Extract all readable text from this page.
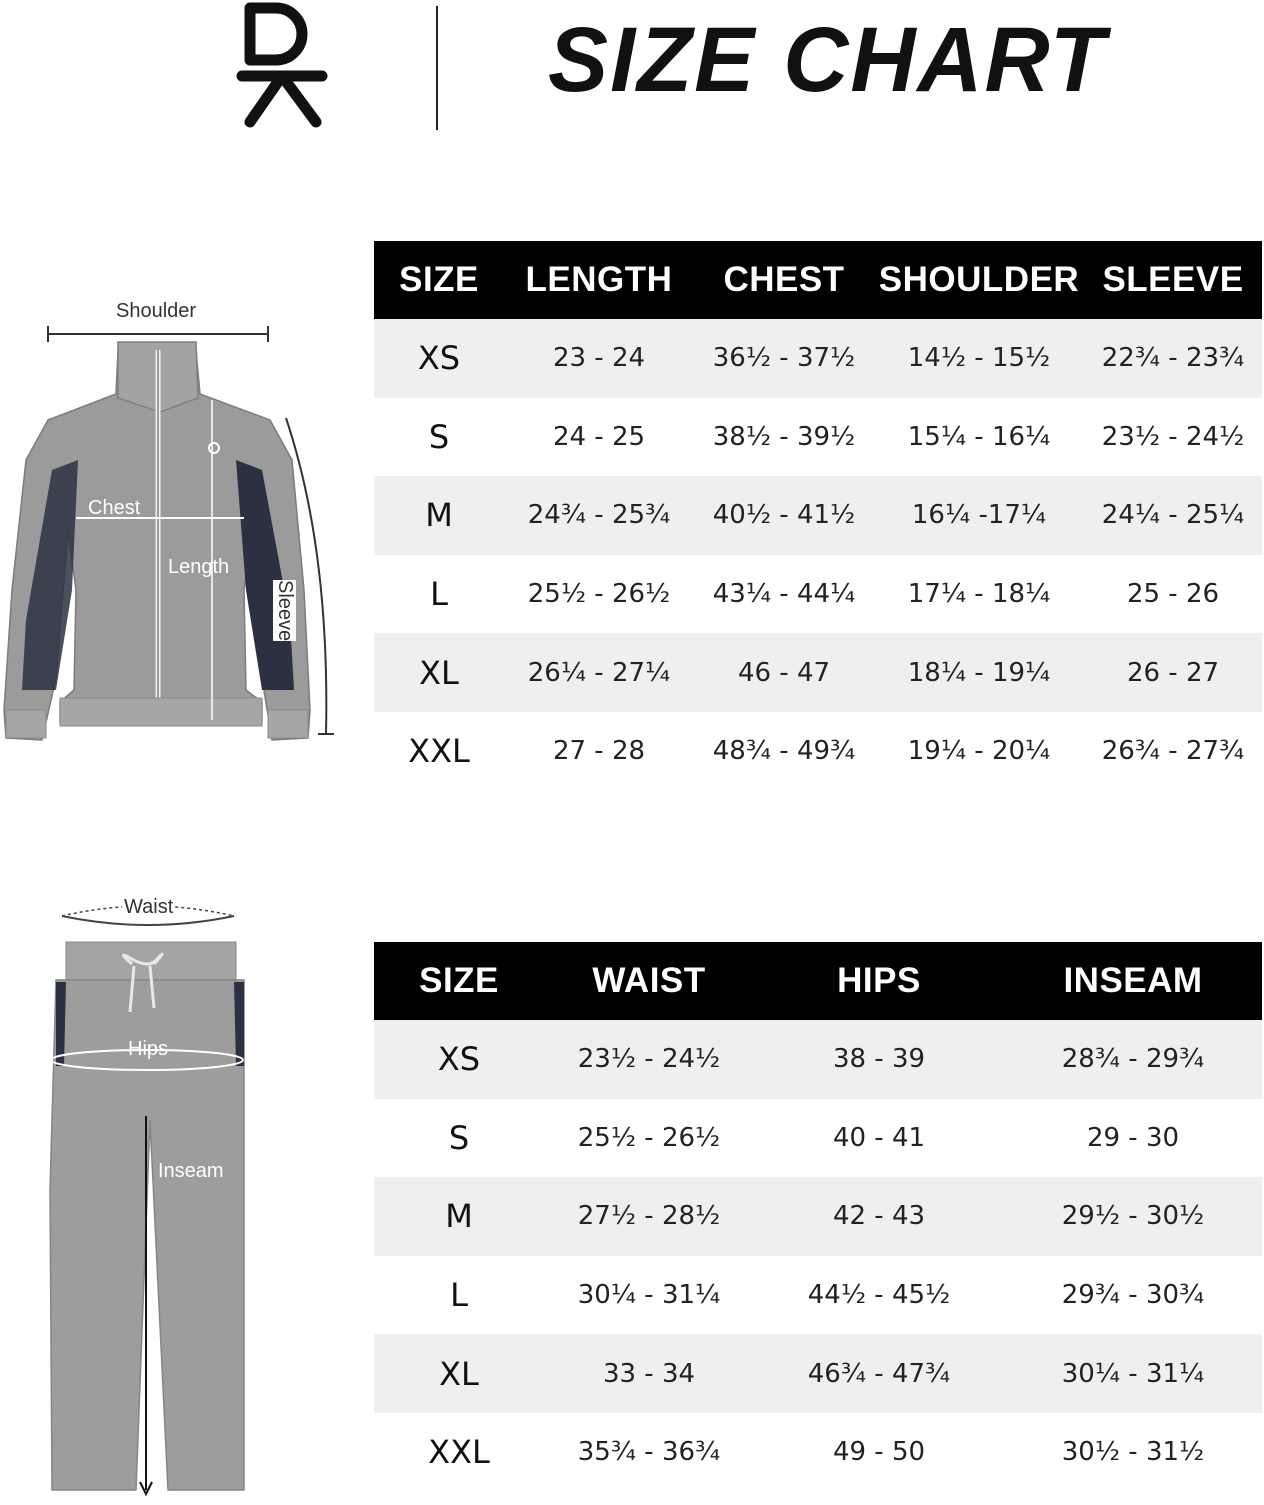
SIZE CHART
Shoulder
Chest
Length
Sleeve
SIZE	LENGTH	CHEST SHOULDER SLEEVE
XS	23 - 24	36½ - 37½	14½ - 15½	22¾ - 23¾
S	24 - 25	38½ - 39½	15¼ - 16¼	23½ - 24½
M	24¾ - 25¾	40½ - 41½	16¼ -17¼	24¼ - 25¼
L	25½ - 26½	43¼ - 44¼	17¼ - 18¼	25 - 26
XL	26¼ - 27¼	46 - 47	18¼ - 19¼	26 - 27
XXL	27 - 28	48¾ - 49¾	19¼ - 20¼	26¾ - 27¾
Waist
Hips
Inseam
SIZE	WAIST	HIPS	INSEAM
XS	23½ - 24½	38 - 39	28¾ - 29¾
S	25½ - 26½	40 - 41	29 - 30
M	27½ - 28½	42 - 43	29½ - 30½
L	30¼ - 31¼	44½ - 45½	29¾ - 30¾
XL	33 - 34	46¾ - 47¾	30¼ - 31¼
XXL	35¾ - 36¾	49 - 50	30½ - 31½
